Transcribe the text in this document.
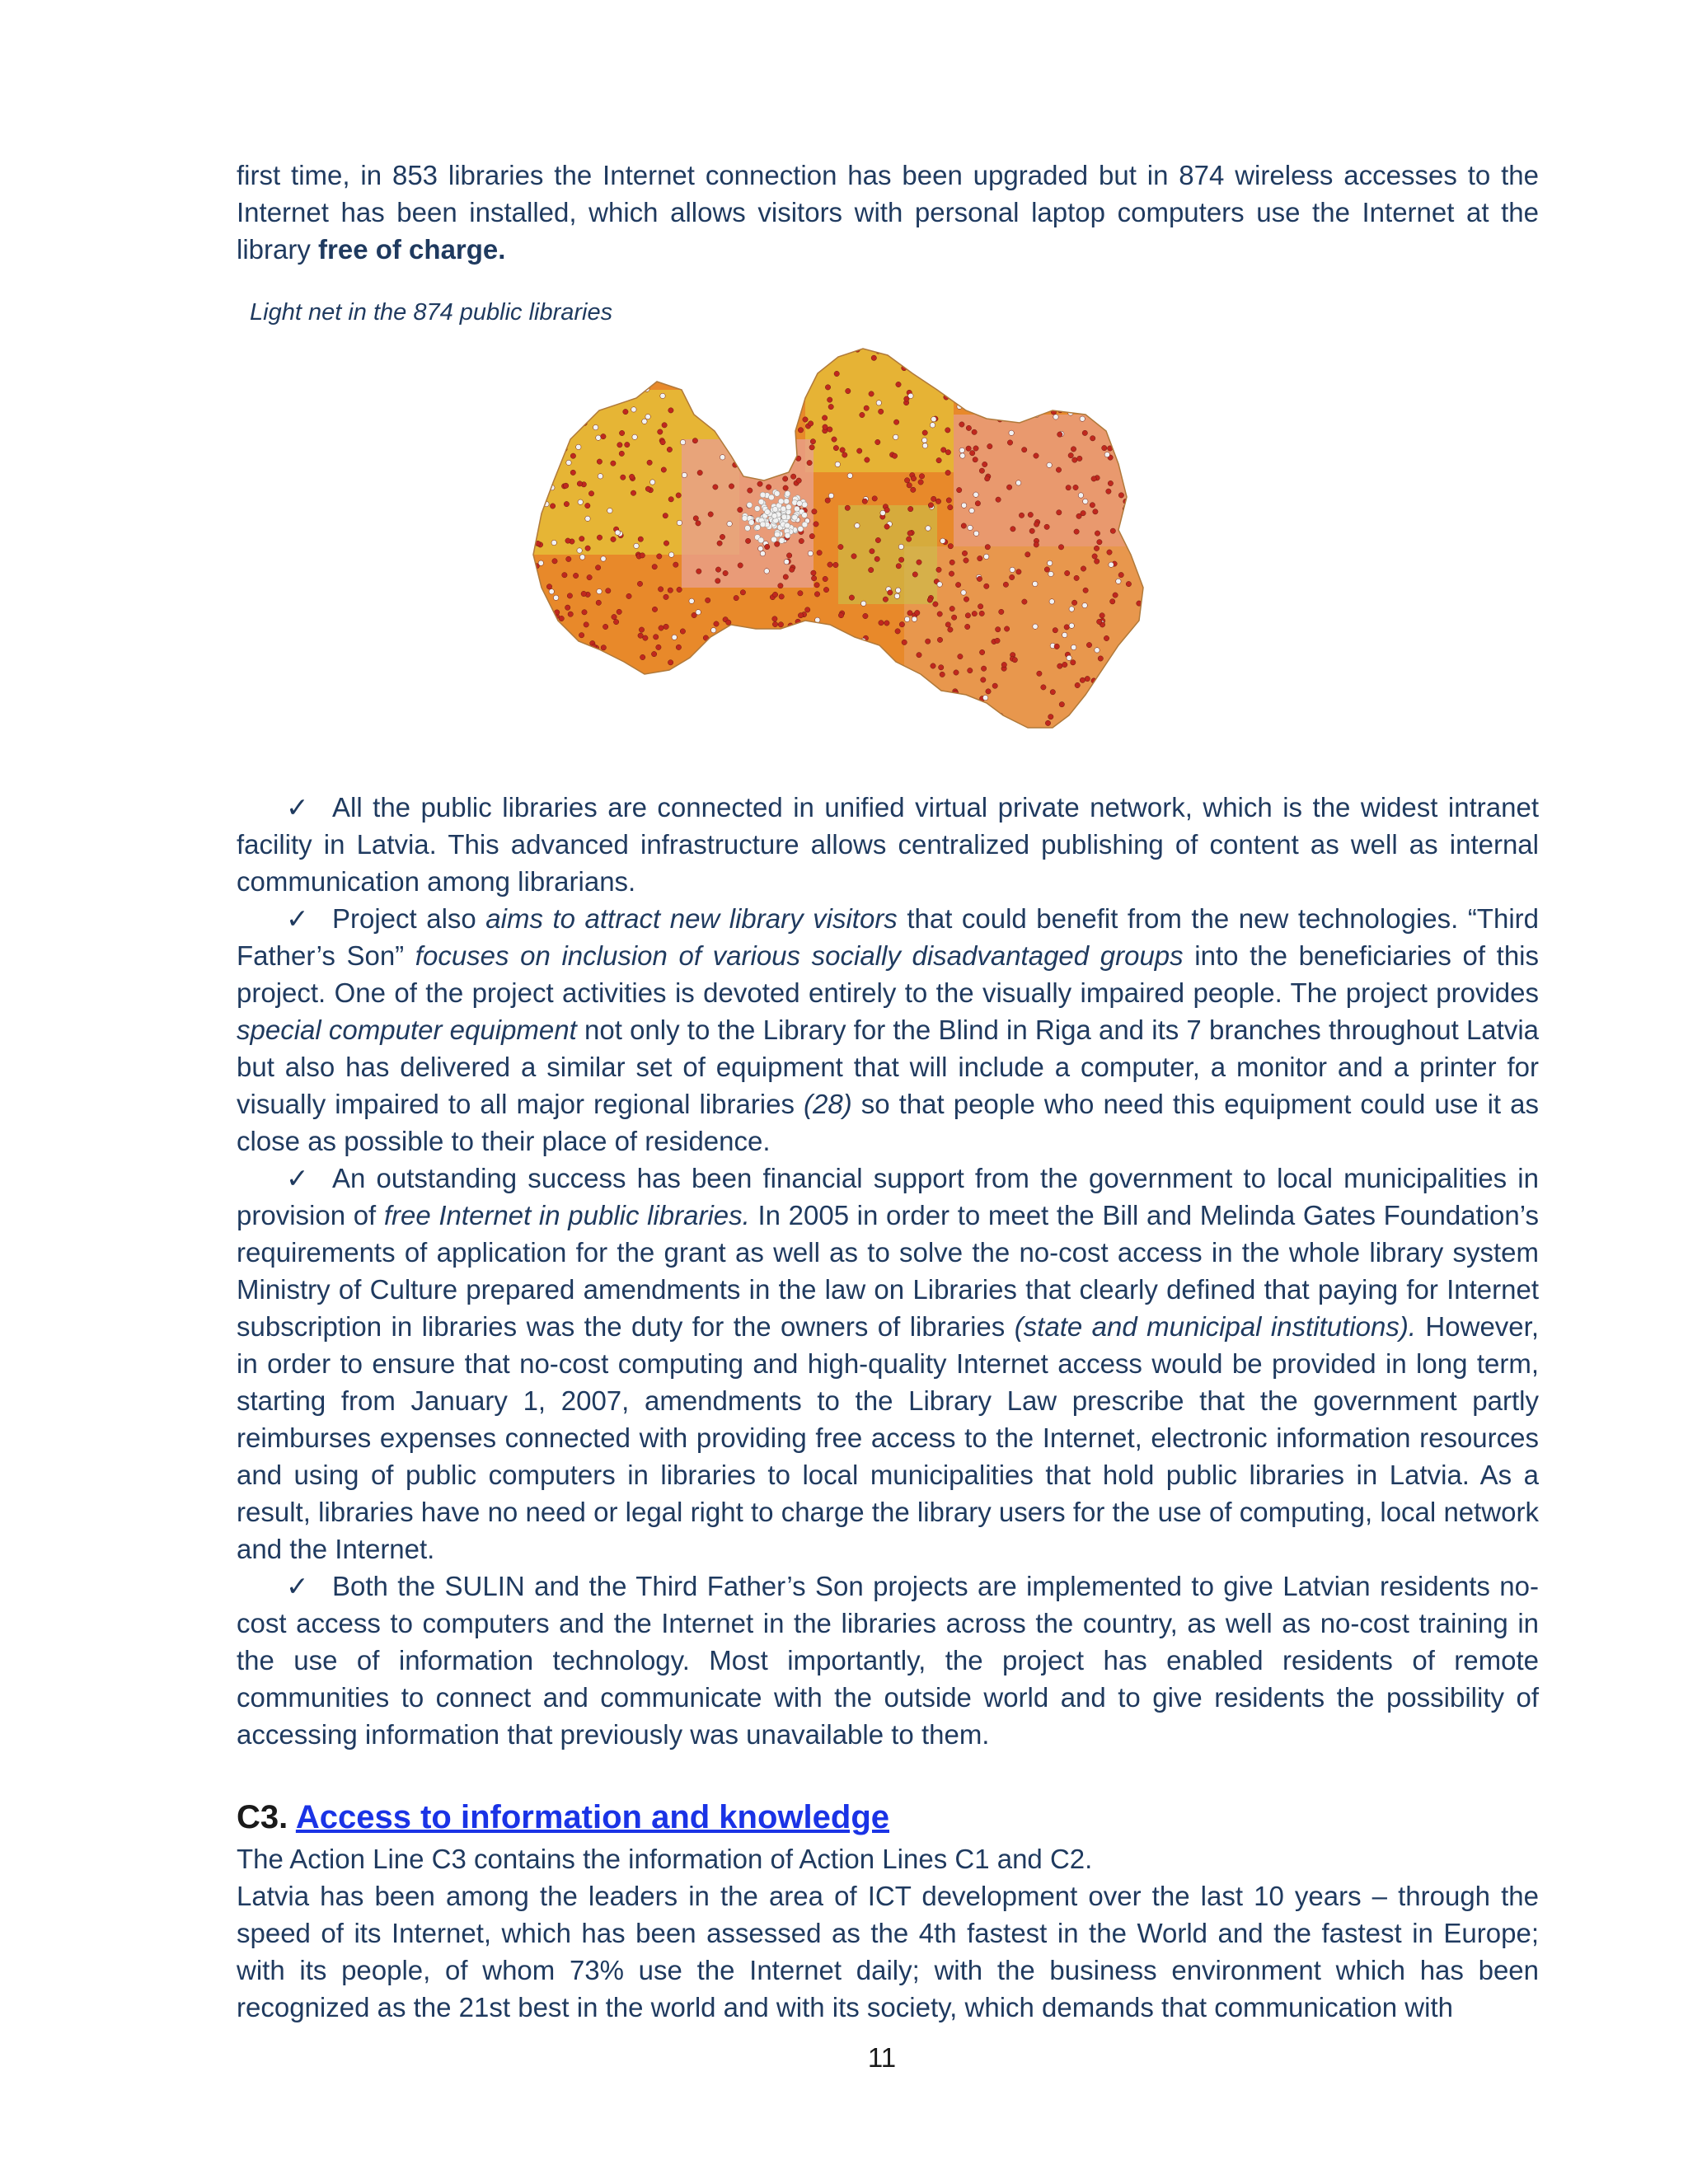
first time, in 853 libraries the Internet connection has been upgraded but in 874 wireless accesses to the Internet has been installed, which allows visitors with personal laptop computers use the Internet at the library free of charge.

Light net in the 874 public libraries
✓ All the public libraries are connected in unified virtual private network, which is the widest intranet facility in Latvia. This advanced infrastructure allows centralized publishing of content as well as internal communication among librarians.
✓ Project also aims to attract new library visitors that could benefit from the new technologies. “Third Father’s Son” focuses on inclusion of various socially disadvantaged groups into the beneficiaries of this project. One of the project activities is devoted entirely to the visually impaired people. The project provides special computer equipment not only to the Library for the Blind in Riga and its 7 branches throughout Latvia but also has delivered a similar set of equipment that will include a computer, a monitor and a printer for visually impaired to all major regional libraries (28) so that people who need this equipment could use it as close as possible to their place of residence.
✓ An outstanding success has been financial support from the government to local municipalities in provision of free Internet in public libraries. In 2005 in order to meet the Bill and Melinda Gates Foundation’s requirements of application for the grant as well as to solve the no-cost access in the whole library system Ministry of Culture prepared amendments in the law on Libraries that clearly defined that paying for Internet subscription in libraries was the duty for the owners of libraries (state and municipal institutions). However, in order to ensure that no-cost computing and high-quality Internet access would be provided in long term, starting from January 1, 2007, amendments to the Library Law prescribe that the government partly reimburses expenses connected with providing free access to the Internet, electronic information resources and using of public computers in libraries to local municipalities that hold public libraries in Latvia. As a result, libraries have no need or legal right to charge the library users for the use of computing, local network and the Internet.
✓ Both the SULIN and the Third Father’s Son projects are implemented to give Latvian residents no-cost access to computers and the Internet in the libraries across the country, as well as no-cost training in the use of information technology. Most importantly, the project has enabled residents of remote communities to connect and communicate with the outside world and to give residents the possibility of accessing information that previously was unavailable to them.
C3. Access to information and knowledge

The Action Line C3 contains the information of Action Lines C1 and C2.

Latvia has been among the leaders in the area of ICT development over the last 10 years – through the speed of its Internet, which has been assessed as the 4th fastest in the World and the fastest in Europe; with its people, of whom 73% use the Internet daily; with the business environment which has been recognized as the 21st best in the world and with its society, which demands that communication with

11
